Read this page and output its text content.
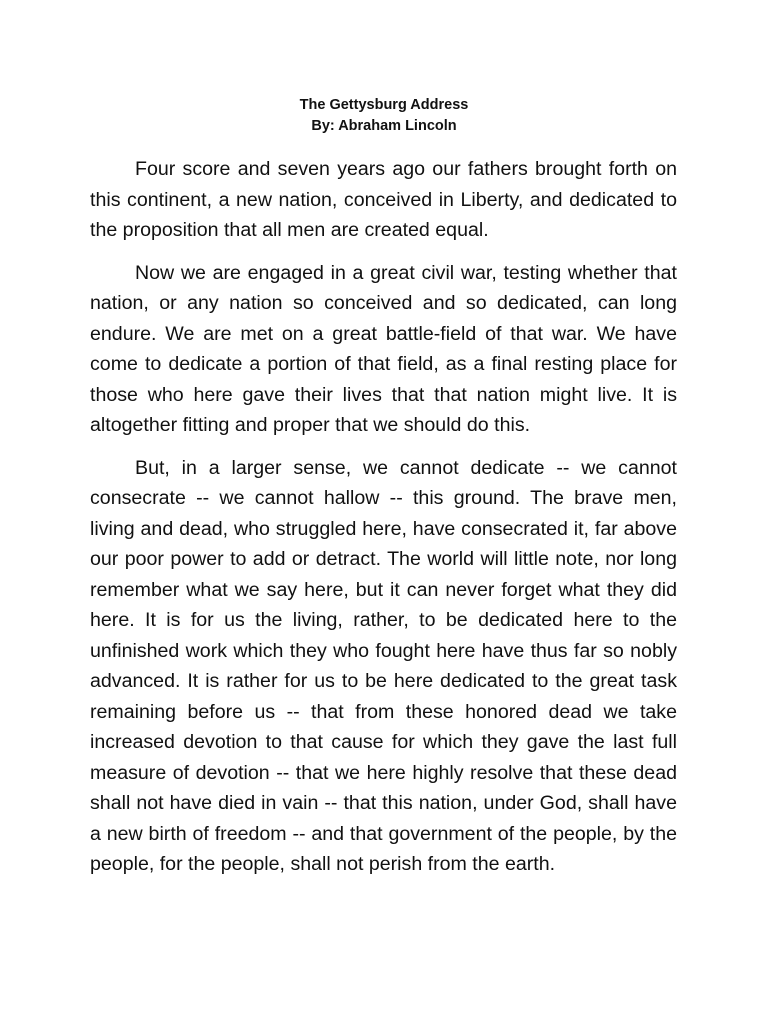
The Gettysburg Address
By: Abraham Lincoln

Four score and seven years ago our fathers brought forth on this continent, a new nation, conceived in Liberty, and dedicated to the proposition that all men are created equal.

Now we are engaged in a great civil war, testing whether that nation, or any nation so conceived and so dedicated, can long endure. We are met on a great battle-field of that war. We have come to dedicate a portion of that field, as a final resting place for those who here gave their lives that that nation might live. It is altogether fitting and proper that we should do this.

But, in a larger sense, we cannot dedicate -- we cannot consecrate -- we cannot hallow -- this ground. The brave men, living and dead, who struggled here, have consecrated it, far above our poor power to add or detract. The world will little note, nor long remember what we say here, but it can never forget what they did here. It is for us the living, rather, to be dedicated here to the unfinished work which they who fought here have thus far so nobly advanced. It is rather for us to be here dedicated to the great task remaining before us -- that from these honored dead we take increased devotion to that cause for which they gave the last full measure of devotion -- that we here highly resolve that these dead shall not have died in vain -- that this nation, under God, shall have a new birth of freedom -- and that government of the people, by the people, for the people, shall not perish from the earth.
